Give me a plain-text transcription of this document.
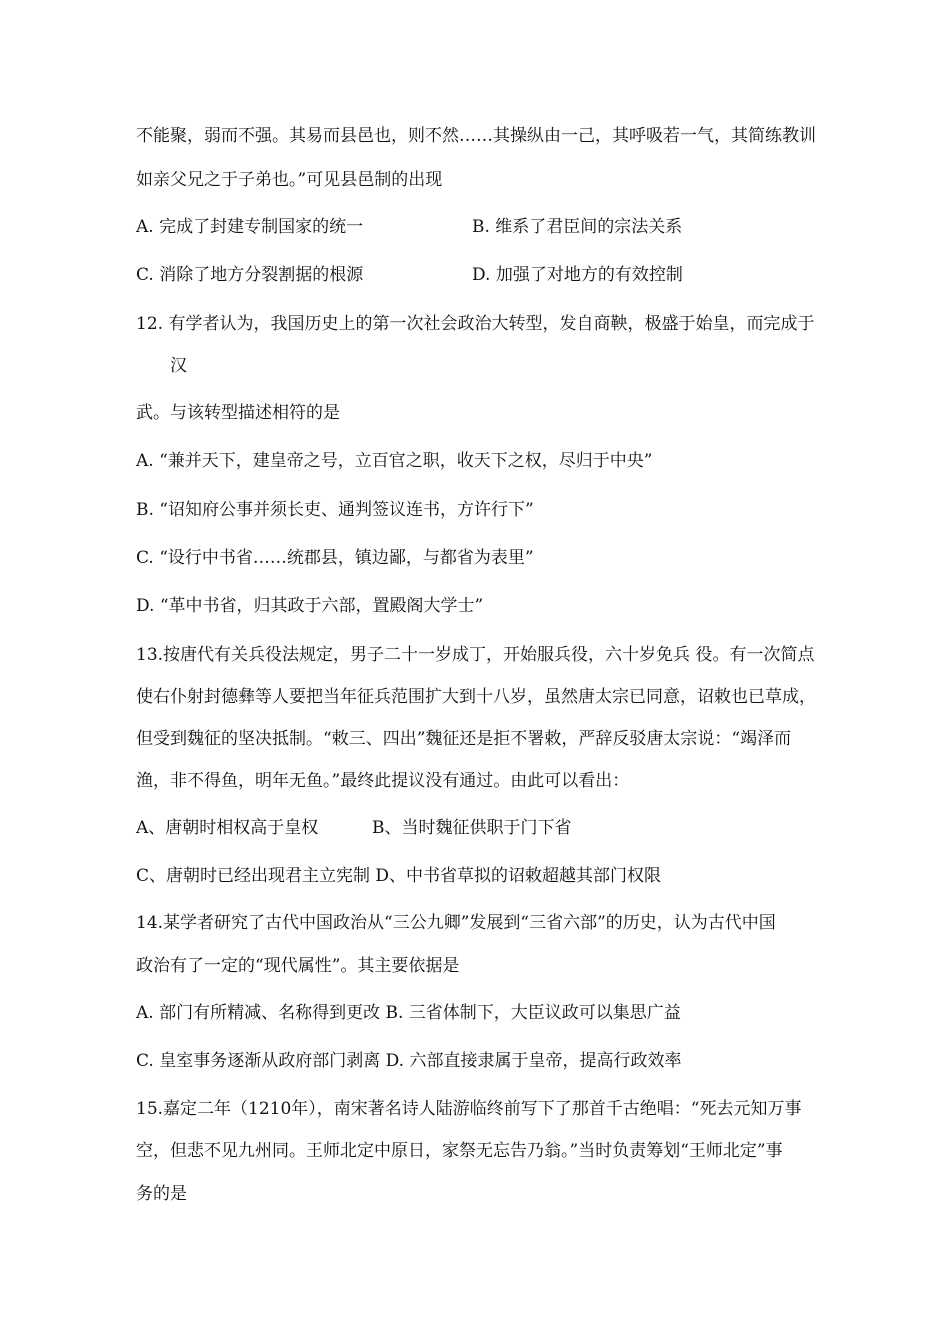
不能聚，弱而不强。其易而县邑也，则不然……其操纵由一己，其呼吸若一气，其简练教训
如亲父兄之于子弟也。”可见县邑制的出现
A. 完成了封建专制国家的统一	B. 维系了君臣间的宗法关系
C. 消除了地方分裂割据的根源	D. 加强了对地方的有效控制
12. 有学者认为，我国历史上的第一次社会政治大转型，发自商鞅，极盛于始皇，而完成于
汉
武。与该转型描述相符的是
A. “兼并天下，建皇帝之号，立百官之职，收天下之权，尽归于中央”
B. “诏知府公事并须长吏、通判签议连书，方许行下”
C. “设行中书省……统郡县，镇边鄙，与都省为表里”
D. “革中书省，归其政于六部，置殿阁大学士”
13.按唐代有关兵役法规定，男子二十一岁成丁，开始服兵役，六十岁免兵 役。有一次简点
使右仆射封德彝等人要把当年征兵范围扩大到十八岁，虽然唐太宗已同意，诏敕也已草成，
但受到魏征的坚决抵制。“敕三、四出”魏征还是拒不署敕，严辞反驳唐太宗说：“竭泽而
渔，非不得鱼，明年无鱼。”最终此提议没有通过。由此可以看出：
A、唐朝时相权高于皇权	B、当时魏征供职于门下省
C、唐朝时已经出现君主立宪制 D、中书省草拟的诏敕超越其部门权限
14.某学者研究了古代中国政治从“三公九卿”发展到“三省六部”的历史，认为古代中国
政治有了一定的“现代属性”。其主要依据是
A. 部门有所精减、名称得到更改 B. 三省体制下，大臣议政可以集思广益
C. 皇室事务逐渐从政府部门剥离 D. 六部直接隶属于皇帝，提高行政效率
15.嘉定二年（1210年），南宋著名诗人陆游临终前写下了那首千古绝唱：“死去元知万事
空，但悲不见九州同。王师北定中原日，家祭无忘告乃翁。”当时负责筹划“王师北定”事
务的是
